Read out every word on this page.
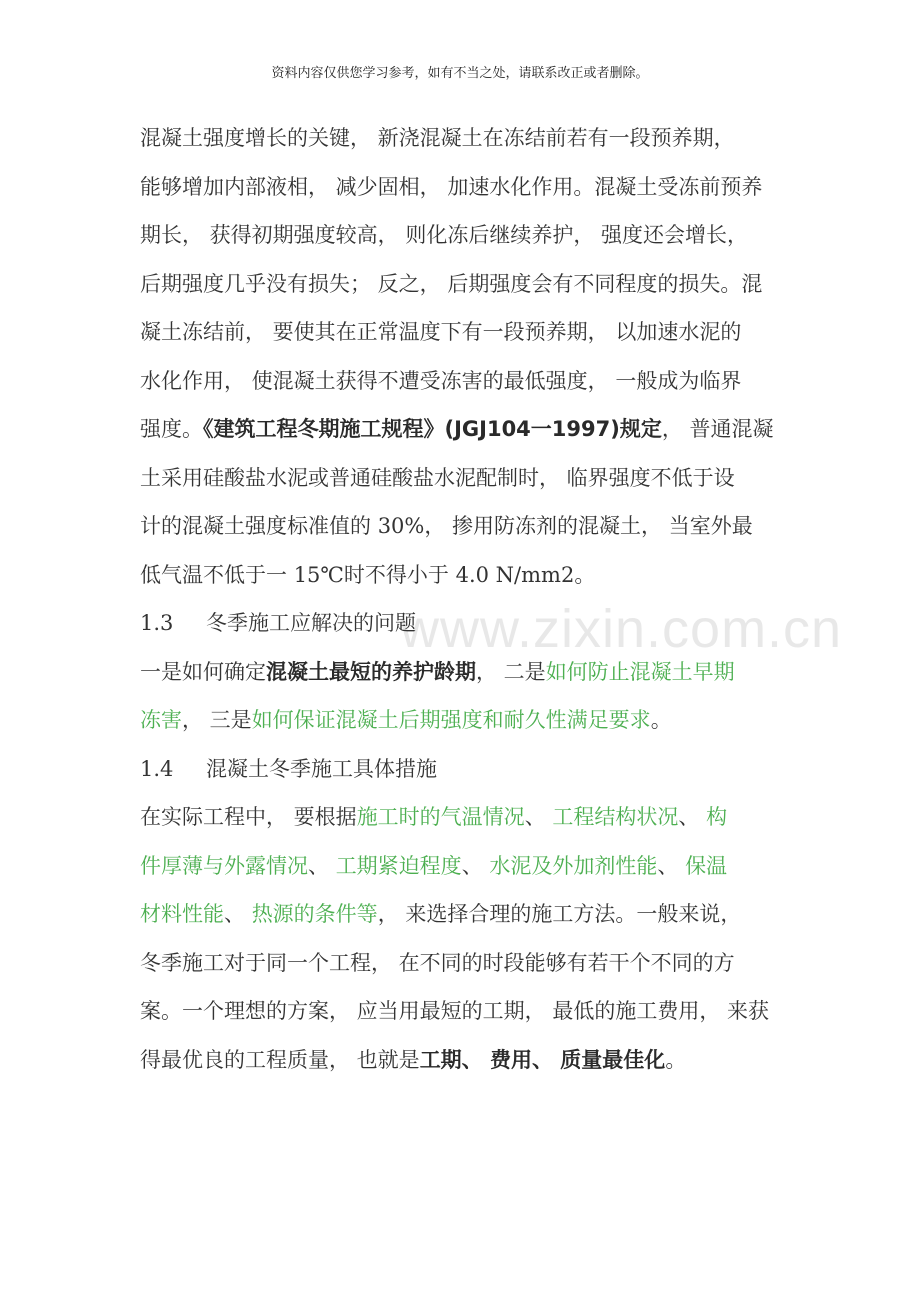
资料内容仅供您学习参考，如有不当之处，请联系改正或者删除。
www.zixin.com.cn
混凝土强度增长的关键， 新浇混凝土在冻结前若有一段预养期，
能够增加内部液相， 减少固相， 加速水化作用。混凝土受冻前预养
期长， 获得初期强度较高， 则化冻后继续养护， 强度还会增长，
后期强度几乎没有损失； 反之， 后期强度会有不同程度的损失。混
凝土冻结前， 要使其在正常温度下有一段预养期， 以加速水泥的
水化作用， 使混凝土获得不遭受冻害的最低强度， 一般成为临界
强度。《建筑工程冬期施工规程》(JGJ104一1997)规定， 普通混凝
土采用硅酸盐水泥或普通硅酸盐水泥配制时， 临界强度不低于设
计的混凝土强度标准值的 30%， 掺用防冻剂的混凝土， 当室外最
低气温不低于一 15℃时不得小于 4.0 N/mm2。
1.3 冬季施工应解决的问题
一是如何确定混凝土最短的养护龄期， 二是如何防止混凝土早期
冻害， 三是如何保证混凝土后期强度和耐久性满足要求。
1.4 混凝土冬季施工具体措施
在实际工程中， 要根据施工时的气温情况、 工程结构状况、 构
件厚薄与外露情况、 工期紧迫程度、 水泥及外加剂性能、 保温
材料性能、 热源的条件等， 来选择合理的施工方法。一般来说，
冬季施工对于同一个工程， 在不同的时段能够有若干个不同的方
案。一个理想的方案， 应当用最短的工期， 最低的施工费用， 来获
得最优良的工程质量， 也就是工期、 费用、 质量最佳化。
